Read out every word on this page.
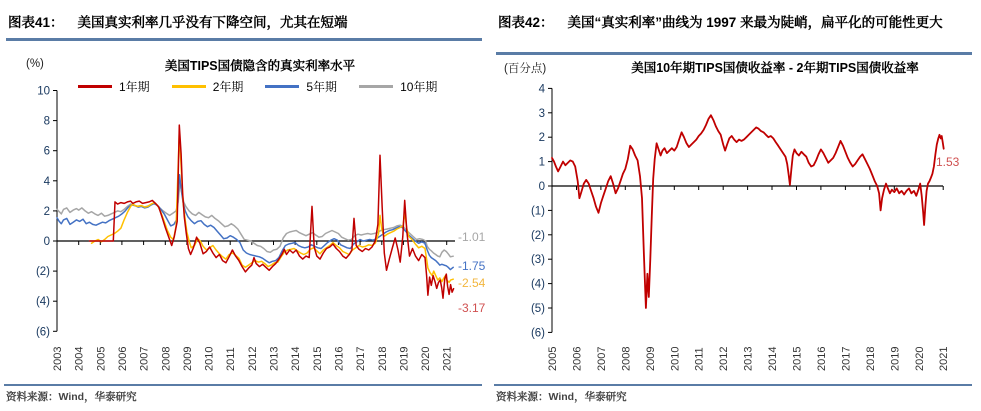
图表41： 美国真实利率几乎没有下降空间，尤其在短端
(%)	美国TIPS国债隐含的真实利率水平
1年期	2年期	5年期	10年期
10
8
6
4
2
0
(2)
(4)
(6)
2003 2004 2005 2006 2007 2008 2009 2010 2011 2012 2013 2014 2015 2016 2017 2018 2019 2020 2021
-3.17
-2.54
-1.75
-1.01
资料来源：Wind，华泰研究
图表42： 美国“真实利率”曲线为 1997 来最为陡峭，扁平化的可能性更大
(百分点)	美国10年期TIPS国债收益率 - 2年期TIPS国债收益率
4
3
2
1
0
(1)
(2)
(3)
(4)
(5)
(6)
2005 2006 2007 2008 2009 2010 2011 2012 2013 2014 2015 2016 2017 2018 2019 2020 2021
1.53
资料来源：Wind，华泰研究
